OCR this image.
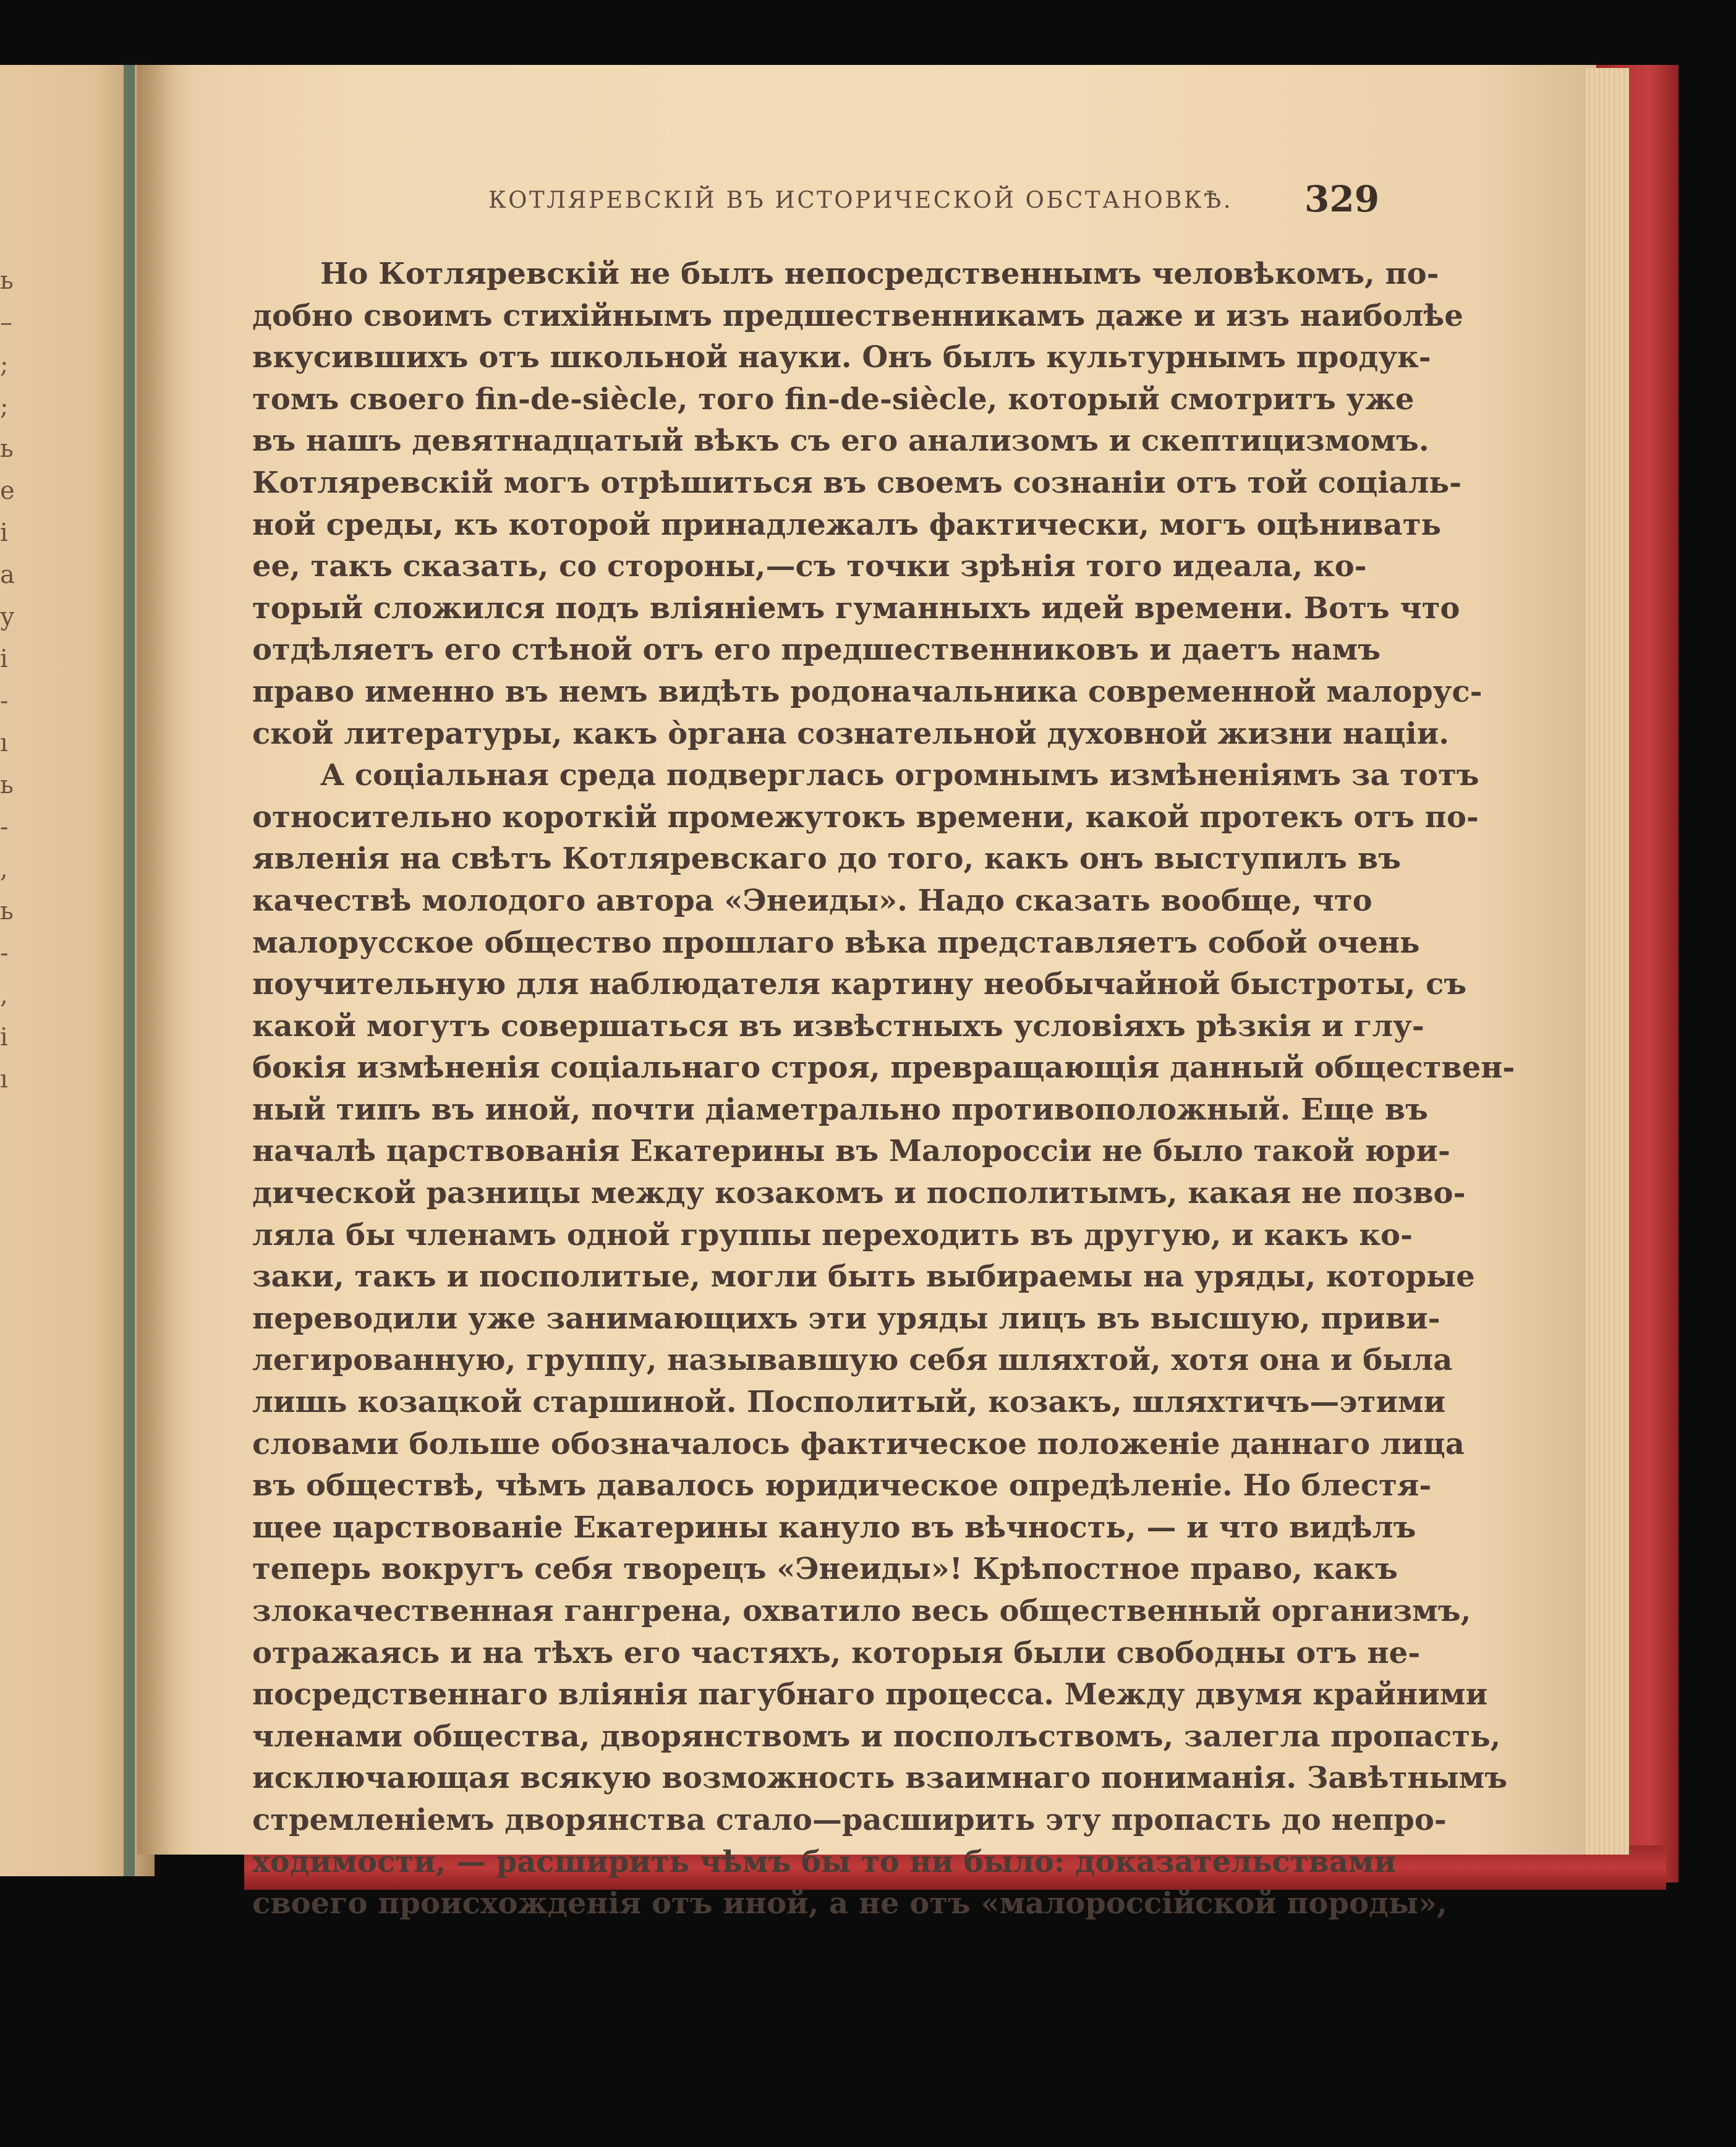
ь
–
;
;
ь
е
і
а
у
і
-
ı
ь
-
,
ь
-
,
і
ı
КОТЛЯРЕВСКІЙ ВЪ ИСТОРИЧЕСКОЙ ОБСТАНОВКѢ. 329
Но Котляревскій не былъ непосредственнымъ человѣкомъ, по-
добно своимъ стихійнымъ предшественникамъ даже и изъ наиболѣе
вкусившихъ отъ школьной науки. Онъ былъ культурнымъ продук-
томъ своего fin-de-siècle, того fin-de-siècle, который смотритъ уже
въ нашъ девятнадцатый вѣкъ съ его анализомъ и скептицизмомъ.
Котляревскій могъ отрѣшиться въ своемъ сознаніи отъ той соціаль-
ной среды, къ которой принадлежалъ фактически, могъ оцѣнивать
ее, такъ сказать, со стороны,—съ точки зрѣнія того идеала, ко-
торый сложился подъ вліяніемъ гуманныхъ идей времени. Вотъ что
отдѣляетъ его стѣной отъ его предшественниковъ и даетъ намъ
право именно въ немъ видѣть родоначальника современной малорус-
ской литературы, какъ òргана сознательной духовной жизни націи.
А соціальная среда подверглась огромнымъ измѣненіямъ за тотъ
относительно короткій промежутокъ времени, какой протекъ отъ по-
явленія на свѣтъ Котляревскаго до того, какъ онъ выступилъ въ
качествѣ молодого автора «Энеиды». Надо сказать вообще, что
малорусское общество прошлаго вѣка представляетъ собой очень
поучительную для наблюдателя картину необычайной быстроты, съ
какой могутъ совершаться въ извѣстныхъ условіяхъ рѣзкія и глу-
бокія измѣненія соціальнаго строя, превращающія данный обществен-
ный типъ въ иной, почти діаметрально противоположный. Еще въ
началѣ царствованія Екатерины въ Малороссіи не было такой юри-
дической разницы между козакомъ и посполитымъ, какая не позво-
ляла бы членамъ одной группы переходить въ другую, и какъ ко-
заки, такъ и посполитые, могли быть выбираемы на уряды, которые
переводили уже занимающихъ эти уряды лицъ въ высшую, приви-
легированную, группу, называвшую себя шляхтой, хотя она и была
лишь козацкой старшиной. Посполитый, козакъ, шляхтичъ—этими
словами больше обозначалось фактическое положеніе даннаго лица
въ обществѣ, чѣмъ давалось юридическое опредѣленіе. Но блестя-
щее царствованіе Екатерины кануло въ вѣчность, — и что видѣлъ
теперь вокругъ себя творецъ «Энеиды»! Крѣпостное право, какъ
злокачественная гангрена, охватило весь общественный организмъ,
отражаясь и на тѣхъ его частяхъ, которыя были свободны отъ не-
посредственнаго вліянія пагубнаго процесса. Между двумя крайними
членами общества, дворянствомъ и посполъствомъ, залегла пропасть,
исключающая всякую возможность взаимнаго пониманія. Завѣтнымъ
стремленіемъ дворянства стало—расширить эту пропасть до непро-
ходимости, — расширить чѣмъ бы то ни было: доказательствами
своего происхожденія отъ иной, а не отъ «малороссійской породы»,
